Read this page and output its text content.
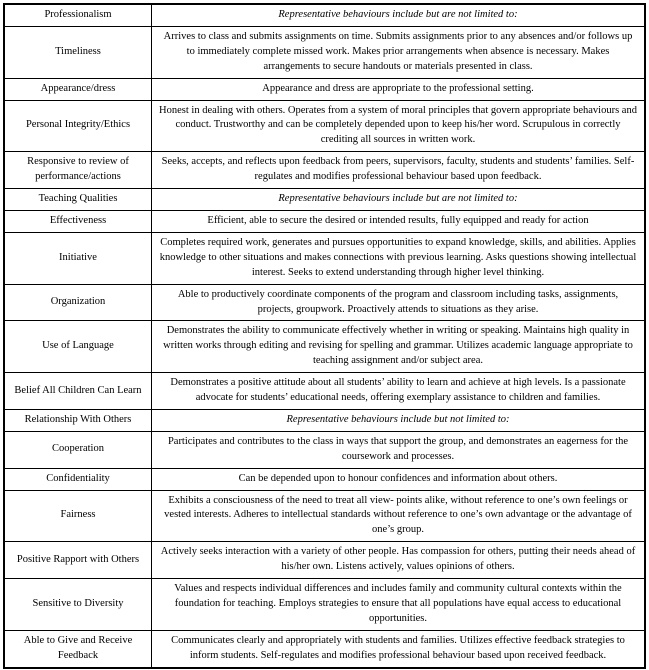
Professionalism	Representative behaviours include but are not limited to:
Timeliness	Arrives to class and submits assignments on time. Submits assignments prior to any absences and/or follows up to immediately complete missed work. Makes prior arrangements when absence is necessary. Makes arrangements to secure handouts or materials presented in class.
Appearance/dress	Appearance and dress are appropriate to the professional setting.
Personal Integrity/Ethics	Honest in dealing with others. Operates from a system of moral principles that govern appropriate behaviours and conduct. Trustworthy and can be completely depended upon to keep his/her word. Scrupulous in correctly crediting all sources in written work.
Responsive to review of performance/actions	Seeks, accepts, and reflects upon feedback from peers, supervisors, faculty, students and students’ families. Self-regulates and modifies professional behaviour based upon feedback.
Teaching Qualities	Representative behaviours include but are not limited to:
Effectiveness	Efficient, able to secure the desired or intended results, fully equipped and ready for action
Initiative	Completes required work, generates and pursues opportunities to expand knowledge, skills, and abilities. Applies knowledge to other situations and makes connections with previous learning. Asks questions showing intellectual interest. Seeks to extend understanding through higher level thinking.
Organization	Able to productively coordinate components of the program and classroom including tasks, assignments, projects, groupwork. Proactively attends to situations as they arise.
Use of Language	Demonstrates the ability to communicate effectively whether in writing or speaking. Maintains high quality in written works through editing and revising for spelling and grammar. Utilizes academic language appropriate to teaching assignment and/or subject area.
Belief All Children Can Learn	Demonstrates a positive attitude about all students’ ability to learn and achieve at high levels. Is a passionate advocate for students’ educational needs, offering exemplary assistance to children and families.
Relationship With Others	Representative behaviours include but not limited to:
Cooperation	Participates and contributes to the class in ways that support the group, and demonstrates an eagerness for the coursework and processes.
Confidentiality	Can be depended upon to honour confidences and information about others.
Fairness	Exhibits a consciousness of the need to treat all view- points alike, without reference to one’s own feelings or vested interests. Adheres to intellectual standards without reference to one’s own advantage or the advantage of one’s group.
Positive Rapport with Others	Actively seeks interaction with a variety of other people. Has compassion for others, putting their needs ahead of his/her own. Listens actively, values opinions of others.
Sensitive to Diversity	Values and respects individual differences and includes family and community cultural contexts within the foundation for teaching. Employs strategies to ensure that all populations have equal access to educational opportunities.
Able to Give and Receive Feedback	Communicates clearly and appropriately with students and families. Utilizes effective feedback strategies to inform students. Self-regulates and modifies professional behaviour based upon received feedback.
